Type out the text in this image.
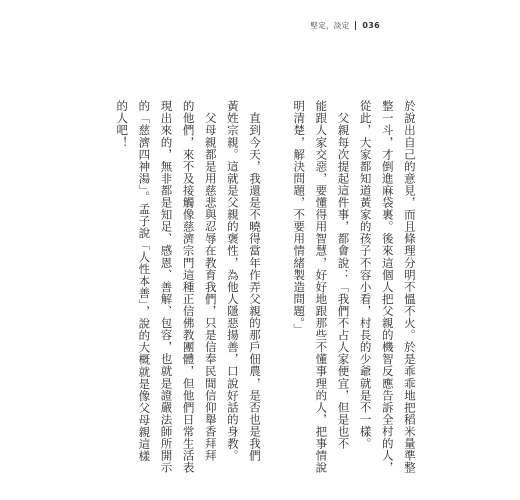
堅定，淡定 036
於說出自己的意見，而且條理分明不慍不火。於是乖乖地把稻米量準整
整一斗，才倒進麻袋裏。後來這個人把父親的機智反應告訴全村的人，
從此，大家都知道黃家的孩子不容小看，村長的少爺就是不一樣。
　父親每次提起這件事，都會說：「我們不占人家便宜，但是也不
能跟人家交惡，要懂得用智慧，好好地跟那些不懂事理的人，把事情說
明清楚，解決問題，不要用情緒製造問題。」
　直到今天，我還是不曉得當年作弄父親的那戶佃農，是否也是我們
黃姓宗親。這就是父親的褒性，為他人隱惡揚善，口說好話的身教。
　父母親都是用慈悲與忍辱在教育我們，只是信奉民間信仰舉香拜拜
的他們，來不及接觸像慈濟宗門這種正信佛教團體，但他們日常生活表
現出來的，無非都是知足、感恩、善解、包容，也就是證嚴法師所開示
的「慈濟四神湯」。孟子說「人性本善」，說的大概就是像父母親這樣
的人吧！
